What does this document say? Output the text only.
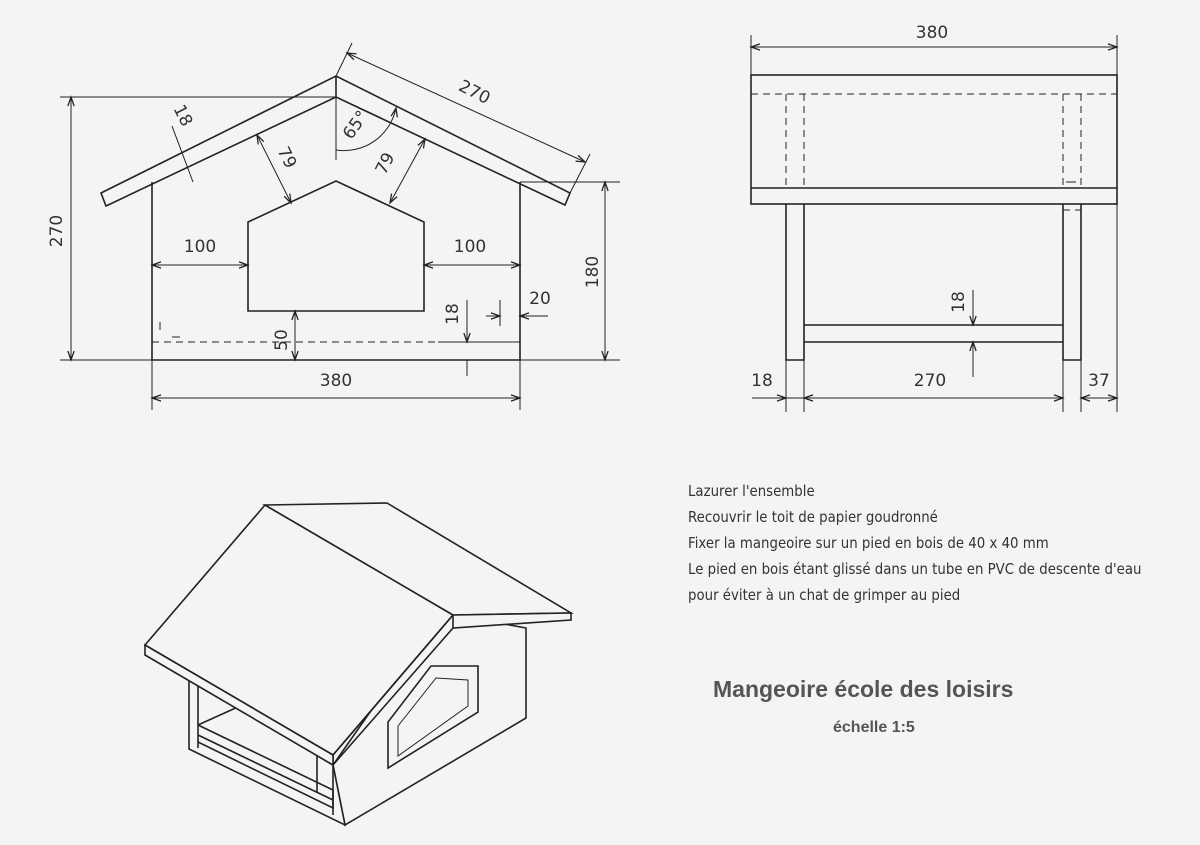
270
18
270
65°
79	79
100	100
180
18
20
50
380
380
18
18	270	37
Lazurer l'ensemble
Recouvrir le toit de papier goudronné
Fixer la mangeoire sur un pied en bois de 40 x 40 mm
Le pied en bois étant glissé dans un tube en PVC de descente d'eau
pour éviter à un chat de grimper au pied
Mangeoire école des loisirs
échelle 1:5
